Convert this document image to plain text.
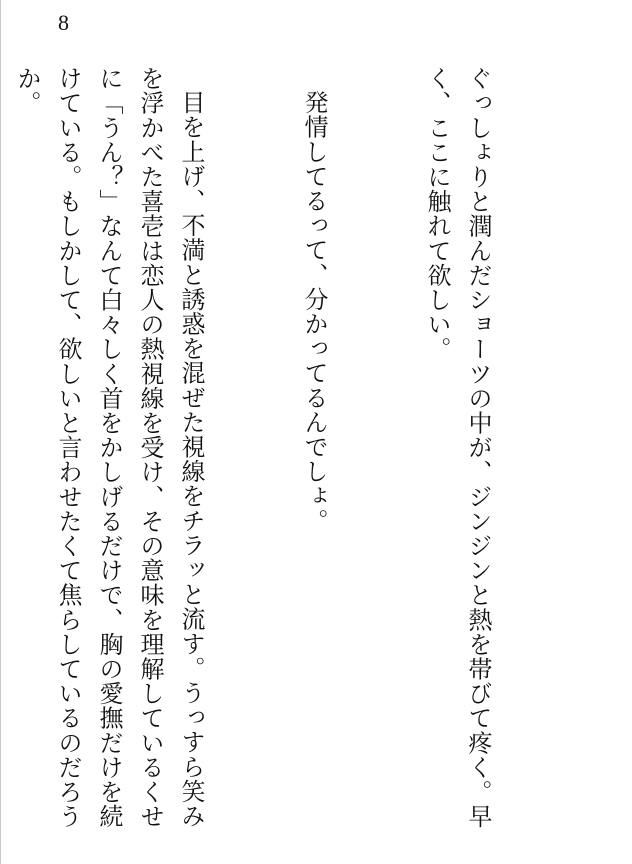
8

ぐっしょりと潤んだショーツの中が、ジンジンと熱を帯びて疼く。早く、ここに触れて欲しい。

発情してるって、分かってるんでしょ。

目を上げ、不満と誘惑を混ぜた視線をチラッと流す。うっすら笑みを浮かべた喜壱は恋人の熱視線を受け、その意味を理解しているくせに「うん？」なんて白々しく首をかしげるだけで、胸の愛撫だけを続けている。もしかして、欲しいと言わせたくて焦らしているのだろうか。
